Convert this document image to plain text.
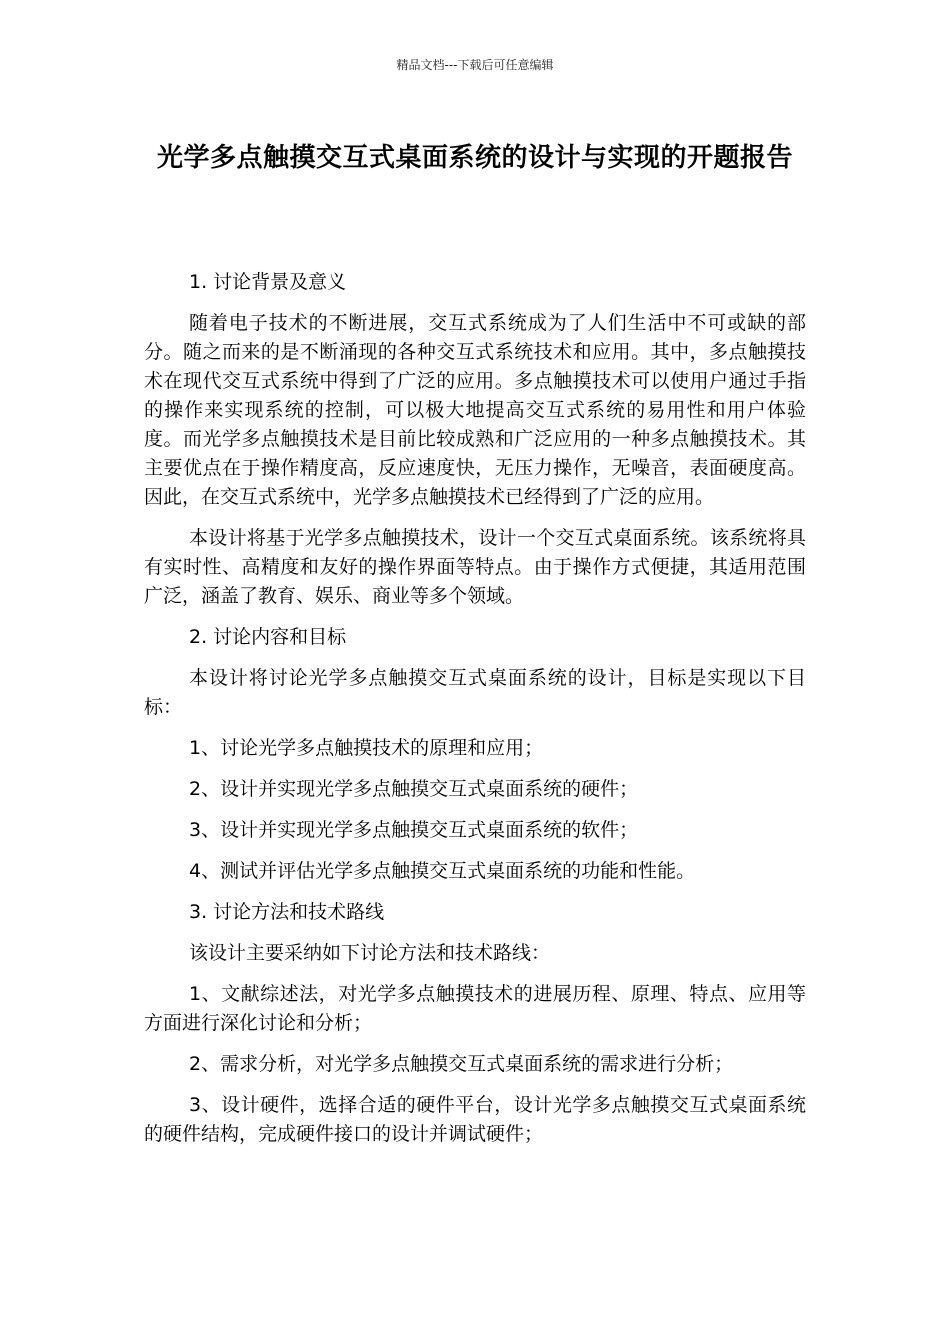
精品文档---下载后可任意编辑
光学多点触摸交互式桌面系统的设计与实现的开题报告

1. 讨论背景及意义

随着电子技术的不断进展，交互式系统成为了人们生活中不可或缺的部分。随之而来的是不断涌现的各种交互式系统技术和应用。其中，多点触摸技术在现代交互式系统中得到了广泛的应用。多点触摸技术可以使用户通过手指的操作来实现系统的控制，可以极大地提高交互式系统的易用性和用户体验度。而光学多点触摸技术是目前比较成熟和广泛应用的一种多点触摸技术。其主要优点在于操作精度高，反应速度快，无压力操作，无噪音，表面硬度高。因此，在交互式系统中，光学多点触摸技术已经得到了广泛的应用。

本设计将基于光学多点触摸技术，设计一个交互式桌面系统。该系统将具有实时性、高精度和友好的操作界面等特点。由于操作方式便捷，其适用范围广泛，涵盖了教育、娱乐、商业等多个领域。

2. 讨论内容和目标

本设计将讨论光学多点触摸交互式桌面系统的设计，目标是实现以下目标：

1、讨论光学多点触摸技术的原理和应用；

2、设计并实现光学多点触摸交互式桌面系统的硬件；

3、设计并实现光学多点触摸交互式桌面系统的软件；

4、测试并评估光学多点触摸交互式桌面系统的功能和性能。

3. 讨论方法和技术路线

该设计主要采纳如下讨论方法和技术路线：

1、文献综述法，对光学多点触摸技术的进展历程、原理、特点、应用等方面进行深化讨论和分析；

2、需求分析，对光学多点触摸交互式桌面系统的需求进行分析；

3、设计硬件，选择合适的硬件平台，设计光学多点触摸交互式桌面系统的硬件结构，完成硬件接口的设计并调试硬件；
